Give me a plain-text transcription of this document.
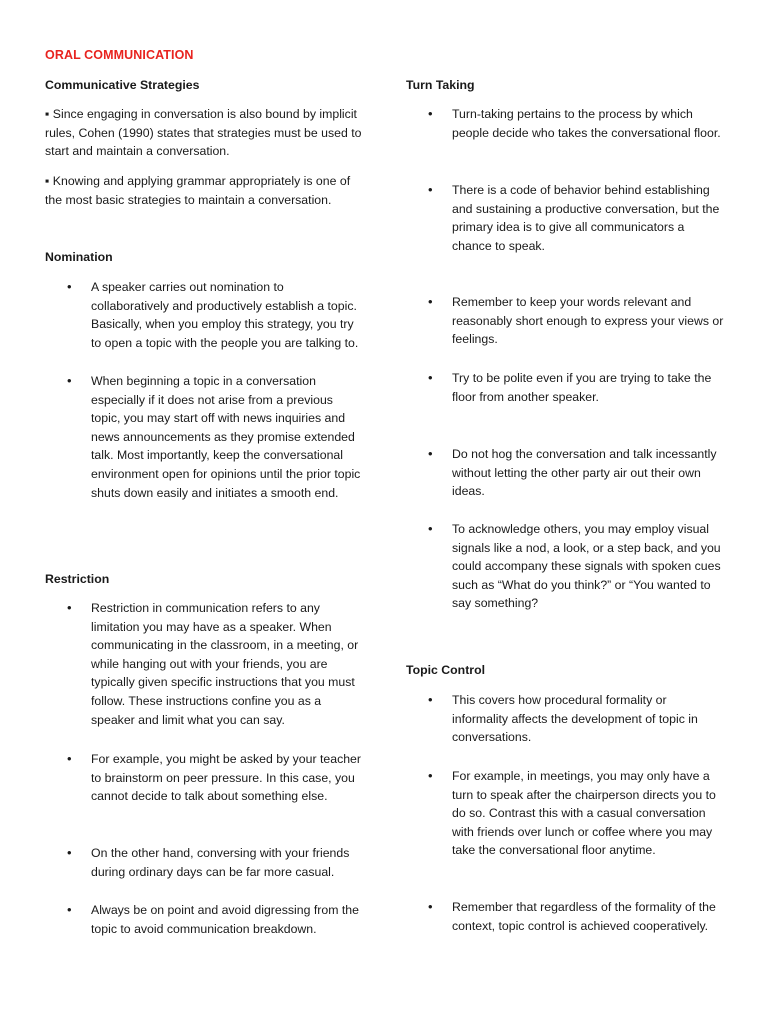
ORAL COMMUNICATION

Communicative Strategies

▪ Since engaging in conversation is also bound by implicit rules, Cohen (1990) states that strategies must be used to start and maintain a conversation.

▪ Knowing and applying grammar appropriately is one of the most basic strategies to maintain a conversation.

Nomination

• A speaker carries out nomination to collaboratively and productively establish a topic. Basically, when you employ this strategy, you try to open a topic with the people you are talking to.
• When beginning a topic in a conversation especially if it does not arise from a previous topic, you may start off with news inquiries and news announcements as they promise extended talk. Most importantly, keep the conversational environment open for opinions until the prior topic shuts down easily and initiates a smooth end.

Restriction

• Restriction in communication refers to any limitation you may have as a speaker. When communicating in the classroom, in a meeting, or while hanging out with your friends, you are typically given specific instructions that you must follow. These instructions confine you as a speaker and limit what you can say.
• For example, you might be asked by your teacher to brainstorm on peer pressure. In this case, you cannot decide to talk about something else.
• On the other hand, conversing with your friends during ordinary days can be far more casual.
• Always be on point and avoid digressing from the topic to avoid communication breakdown.

Turn Taking

• Turn-taking pertains to the process by which people decide who takes the conversational floor.
• There is a code of behavior behind establishing and sustaining a productive conversation, but the primary idea is to give all communicators a chance to speak.
• Remember to keep your words relevant and reasonably short enough to express your views or feelings.
• Try to be polite even if you are trying to take the floor from another speaker.
• Do not hog the conversation and talk incessantly without letting the other party air out their own ideas.
• To acknowledge others, you may employ visual signals like a nod, a look, or a step back, and you could accompany these signals with spoken cues such as “What do you think?” or “You wanted to say something?

Topic Control

• This covers how procedural formality or informality affects the development of topic in conversations.
• For example, in meetings, you may only have a turn to speak after the chairperson directs you to do so. Contrast this with a casual conversation with friends over lunch or coffee where you may take the conversational floor anytime.
• Remember that regardless of the formality of the context, topic control is achieved cooperatively.
